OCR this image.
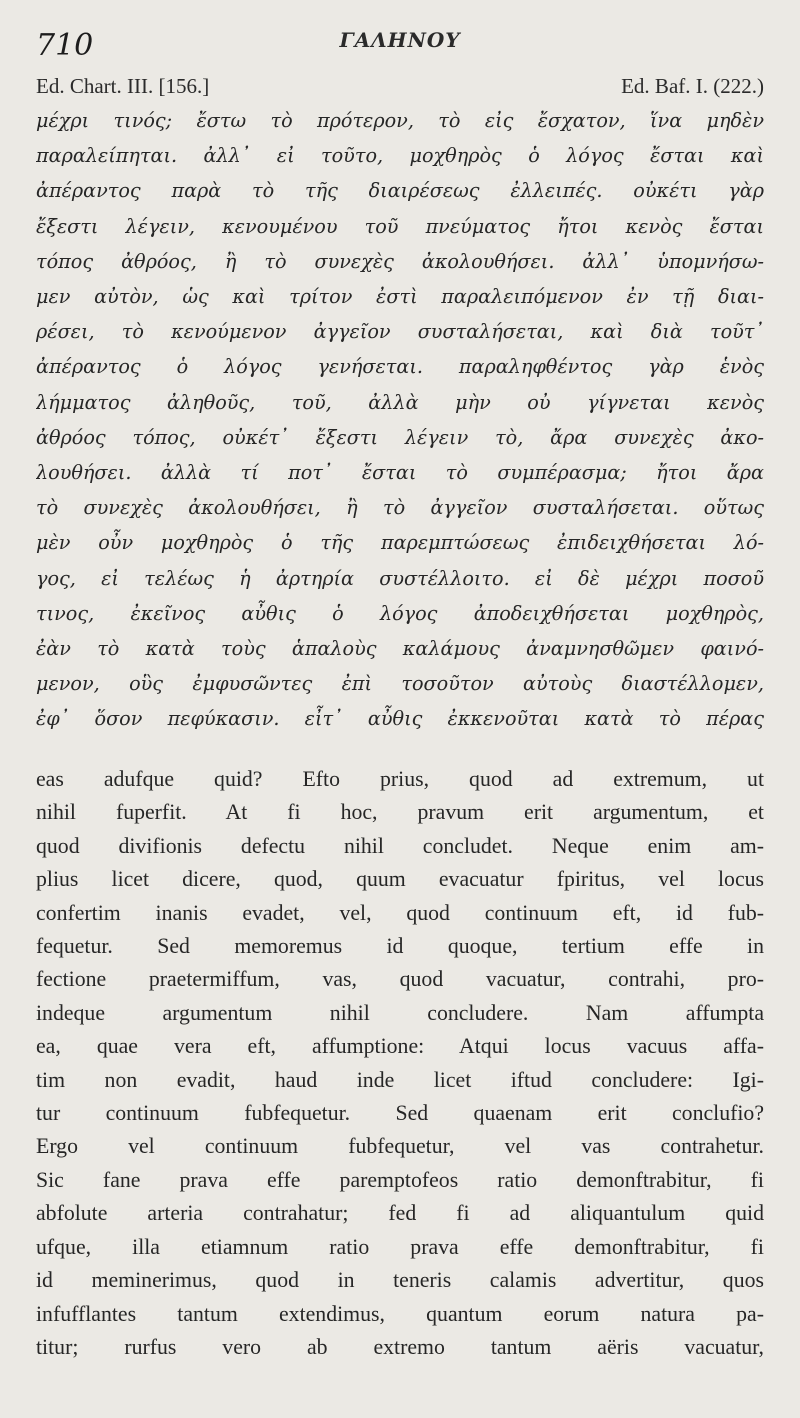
710	ΓΑΛΗΝΟΥ
Ed. Chart. III. [156.]	Ed. Baf. I. (222.)
μέχρι τινός; ἔστω τὸ πρότερον, τὸ εἰς ἔσχατον, ἵνα μηδὲν
παραλείπηται. ἀλλ᾽ εἰ τοῦτο, μοχθηρὸς ὁ λόγος ἔσται καὶ
ἀπέραντος παρὰ τὸ τῆς διαιρέσεως ἐλλειπές. οὐκέτι γὰρ
ἔξεστι λέγειν, κενουμένου τοῦ πνεύματος ἤτοι κενὸς ἔσται
τόπος ἀθρόος, ἢ τὸ συνεχὲς ἀκολουθήσει. ἀλλ᾽ ὑπομνήσω-
μεν αὐτὸν, ὡς καὶ τρίτον ἐστὶ παραλειπόμενον ἐν τῇ διαι-
ρέσει, τὸ κενούμενον ἀγγεῖον συσταλήσεται, καὶ διὰ τοῦτ᾽
ἀπέραντος ὁ λόγος γενήσεται. παραληφθέντος γὰρ ἑνὸς
λήμματος ἀληθοῦς, τοῦ, ἀλλὰ μὴν οὐ γίγνεται κενὸς
ἀθρόος τόπος, οὐκέτ᾽ ἔξεστι λέγειν τὸ, ἄρα συνεχὲς ἀκο-
λουθήσει. ἀλλὰ τί ποτ᾽ ἔσται τὸ συμπέρασμα; ἤτοι ἄρα
τὸ συνεχὲς ἀκολουθήσει, ἢ τὸ ἀγγεῖον συσταλήσεται. οὕτως
μὲν οὖν μοχθηρὸς ὁ τῆς παρεμπτώσεως ἐπιδειχθήσεται λό-
γος, εἰ τελέως ἡ ἀρτηρία συστέλλοιτο. εἰ δὲ μέχρι ποσοῦ
τινος, ἐκεῖνος αὖθις ὁ λόγος ἀποδειχθήσεται μοχθηρὸς,
ἐὰν τὸ κατὰ τοὺς ἁπαλοὺς καλάμους ἀναμνησθῶμεν φαινό-
μενον, οὓς ἐμφυσῶντες ἐπὶ τοσοῦτον αὐτοὺς διαστέλλομεν,
ἐφ᾽ ὅσον πεφύκασιν. εἶτ᾽ αὖθις ἐκκενοῦται κατὰ τὸ πέρας
eas adufque quid? Efto prius, quod ad extremum, ut
nihil fuperfit. At fi hoc, pravum erit argumentum, et
quod divifionis defectu nihil concludet. Neque enim am-
plius licet dicere, quod, quum evacuatur fpiritus, vel locus
confertim inanis evadet, vel, quod continuum eft, id fub-
fequetur. Sed memoremus id quoque, tertium effe in
fectione praetermiffum, vas, quod vacuatur, contrahi, pro-
indeque argumentum nihil concludere. Nam affumpta
ea, quae vera eft, affumptione: Atqui locus vacuus affa-
tim non evadit, haud inde licet iftud concludere: Igi-
tur continuum fubfequetur. Sed quaenam erit conclufio?
Ergo vel continuum fubfequetur, vel vas contrahetur.
Sic fane prava effe paremptofeos ratio demonftrabitur, fi
abfolute arteria contrahatur; fed fi ad aliquantulum quid
ufque, illa etiamnum ratio prava effe demonftrabitur, fi
id meminerimus, quod in teneris calamis advertitur, quos
infufflantes tantum extendimus, quantum eorum natura pa-
titur; rurfus vero ab extremo tantum aëris vacuatur,
